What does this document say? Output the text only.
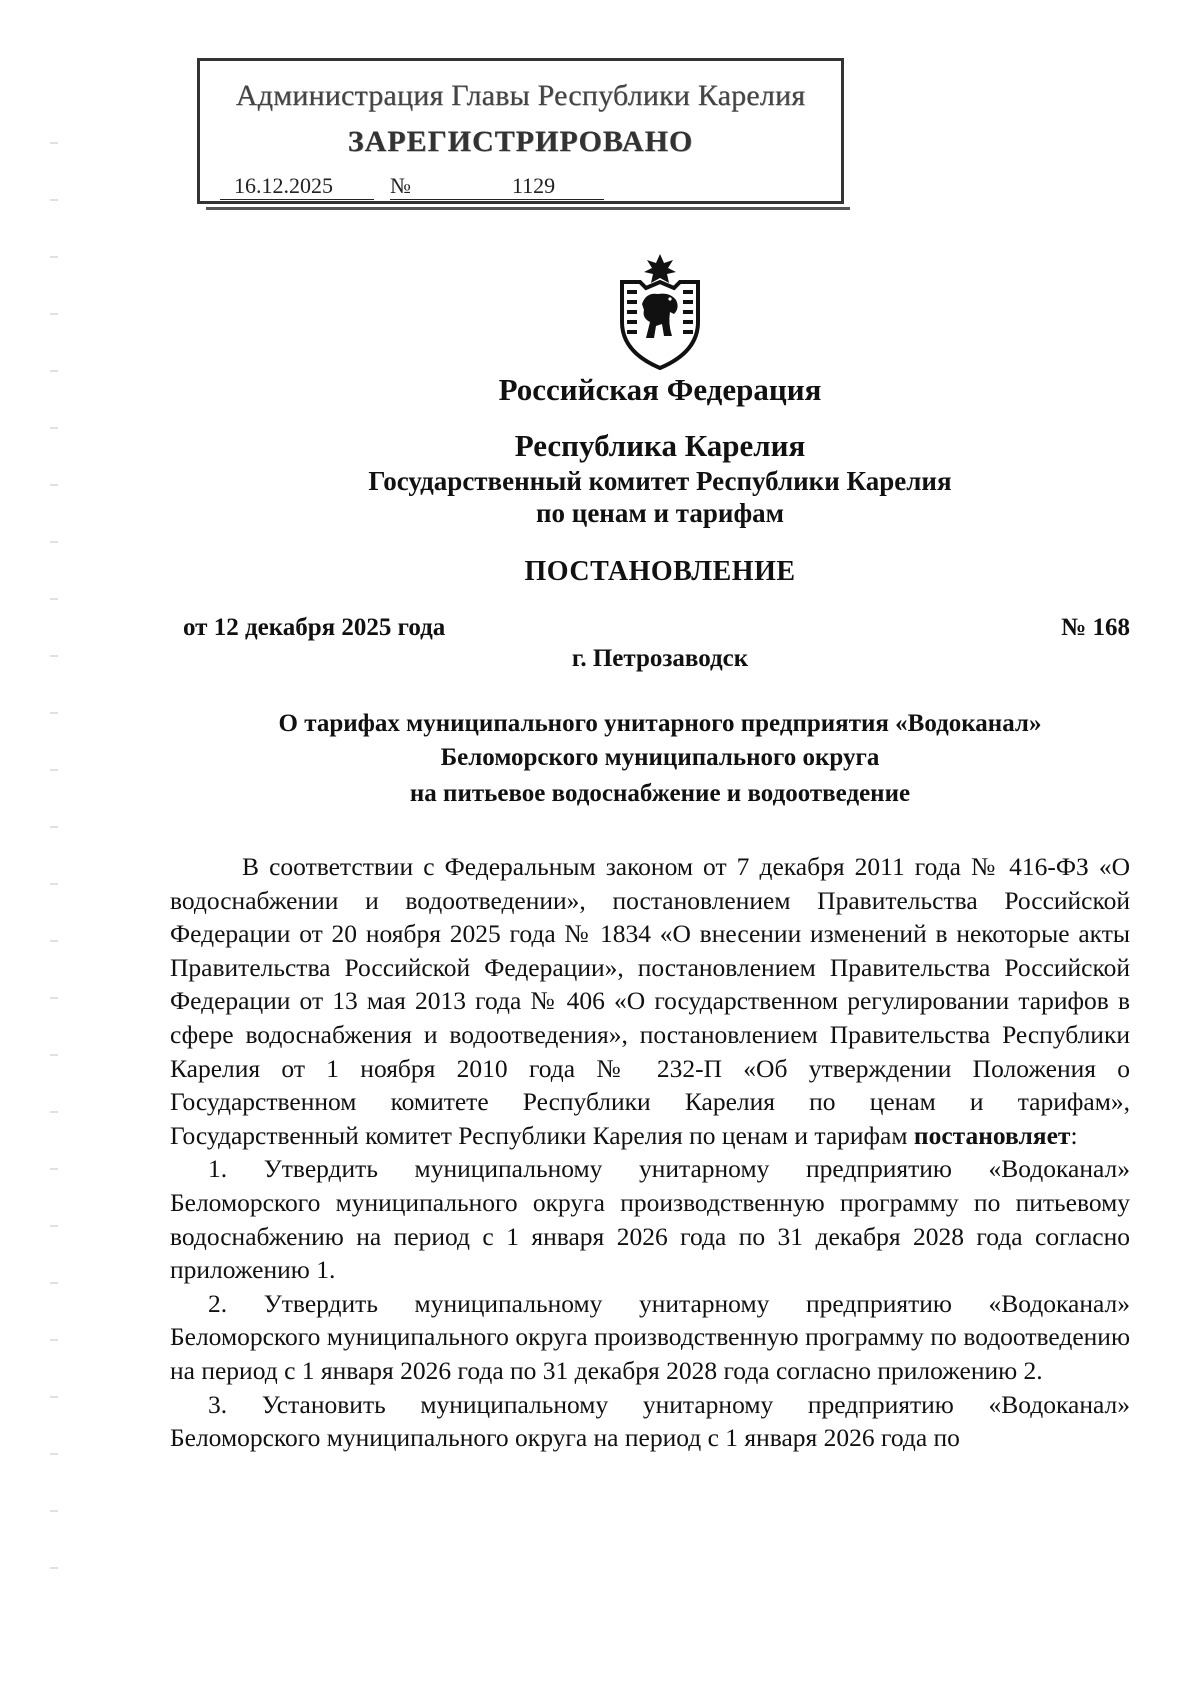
Администрация Главы Республики Карелия
ЗАРЕГИСТРИРОВАНО
16.12.2025	№	1129
Российская Федерация
Республика Карелия
Государственный комитет Республики Карелия
по ценам и тарифам
ПОСТАНОВЛЕНИЕ
от 12 декабря 2025 года	№ 168
г. Петрозаводск
О тарифах муниципального унитарного предприятия «Водоканал»
Беломорского муниципального округа
на питьевое водоснабжение и водоотведение

В соответствии с Федеральным законом от 7 декабря 2011 года № 416-ФЗ «О водоснабжении и водоотведении», постановлением Правительства Российской Федерации от 20 ноября 2025 года № 1834 «О внесении изменений в некоторые акты Правительства Российской Федерации», постановлением Правительства Российской Федерации от 13 мая 2013 года № 406 «О государственном регулировании тарифов в сфере водоснабжения и водоотведения», постановлением Правительства Республики Карелия от 1 ноября 2010 года № 232-П «Об утверждении Положения о Государственном комитете Республики Карелия по ценам и тарифам», Государственный комитет Республики Карелия по ценам и тарифам постановляет:

1. Утвердить муниципальному унитарному предприятию «Водоканал» Беломорского муниципального округа производственную программу по питьевому водоснабжению на период с 1 января 2026 года по 31 декабря 2028 года согласно приложению 1.

2. Утвердить муниципальному унитарному предприятию «Водоканал» Беломорского муниципального округа производственную программу по водоотведению на период с 1 января 2026 года по 31 декабря 2028 года согласно приложению 2.

3. Установить муниципальному унитарному предприятию «Водоканал» Беломорского муниципального округа на период с 1 января 2026 года по
